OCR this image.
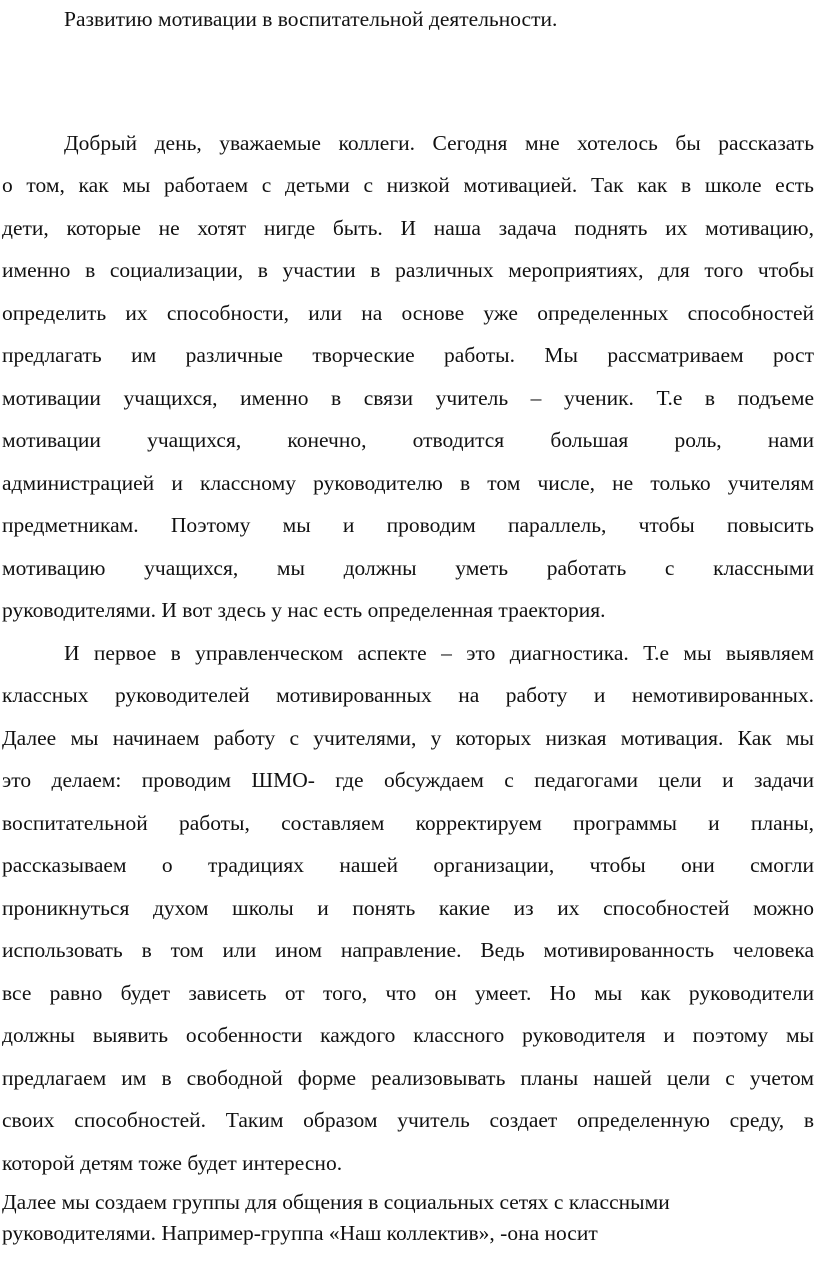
Развитию мотивации в воспитательной деятельности.
Добрый день, уважаемые коллеги. Сегодня мне хотелось бы рассказать
о том, как мы работаем с детьми с низкой мотивацией. Так как в школе есть
дети, которые не хотят нигде быть. И наша задача поднять их мотивацию,
именно в социализации, в участии в различных мероприятиях, для того чтобы
определить их способности, или на основе уже определенных способностей
предлагать им различные творческие работы. Мы рассматриваем рост
мотивации учащихся, именно в связи учитель – ученик. Т.е в подъеме
мотивации учащихся, конечно, отводится большая роль, нами
администрацией и классному руководителю в том числе, не только учителям
предметникам. Поэтому мы и проводим параллель, чтобы повысить
мотивацию учащихся, мы должны уметь работать с классными
руководителями. И вот здесь у нас есть определенная траектория.
И первое в управленческом аспекте – это диагностика. Т.е мы выявляем
классных руководителей мотивированных на работу и немотивированных.
Далее мы начинаем работу с учителями, у которых низкая мотивация. Как мы
это делаем: проводим ШМО- где обсуждаем с педагогами цели и задачи
воспитательной работы, составляем корректируем программы и планы,
рассказываем о традициях нашей организации, чтобы они смогли
проникнуться духом школы и понять какие из их способностей можно
использовать в том или ином направление. Ведь мотивированность человека
все равно будет зависеть от того, что он умеет. Но мы как руководители
должны выявить особенности каждого классного руководителя и поэтому мы
предлагаем им в свободной форме реализовывать планы нашей цели с учетом
своих способностей. Таким образом учитель создает определенную среду, в
которой детям тоже будет интересно.
Далее мы создаем группы для общения в социальных сетях с классными
руководителями. Например-группа «Наш коллектив», -она носит
